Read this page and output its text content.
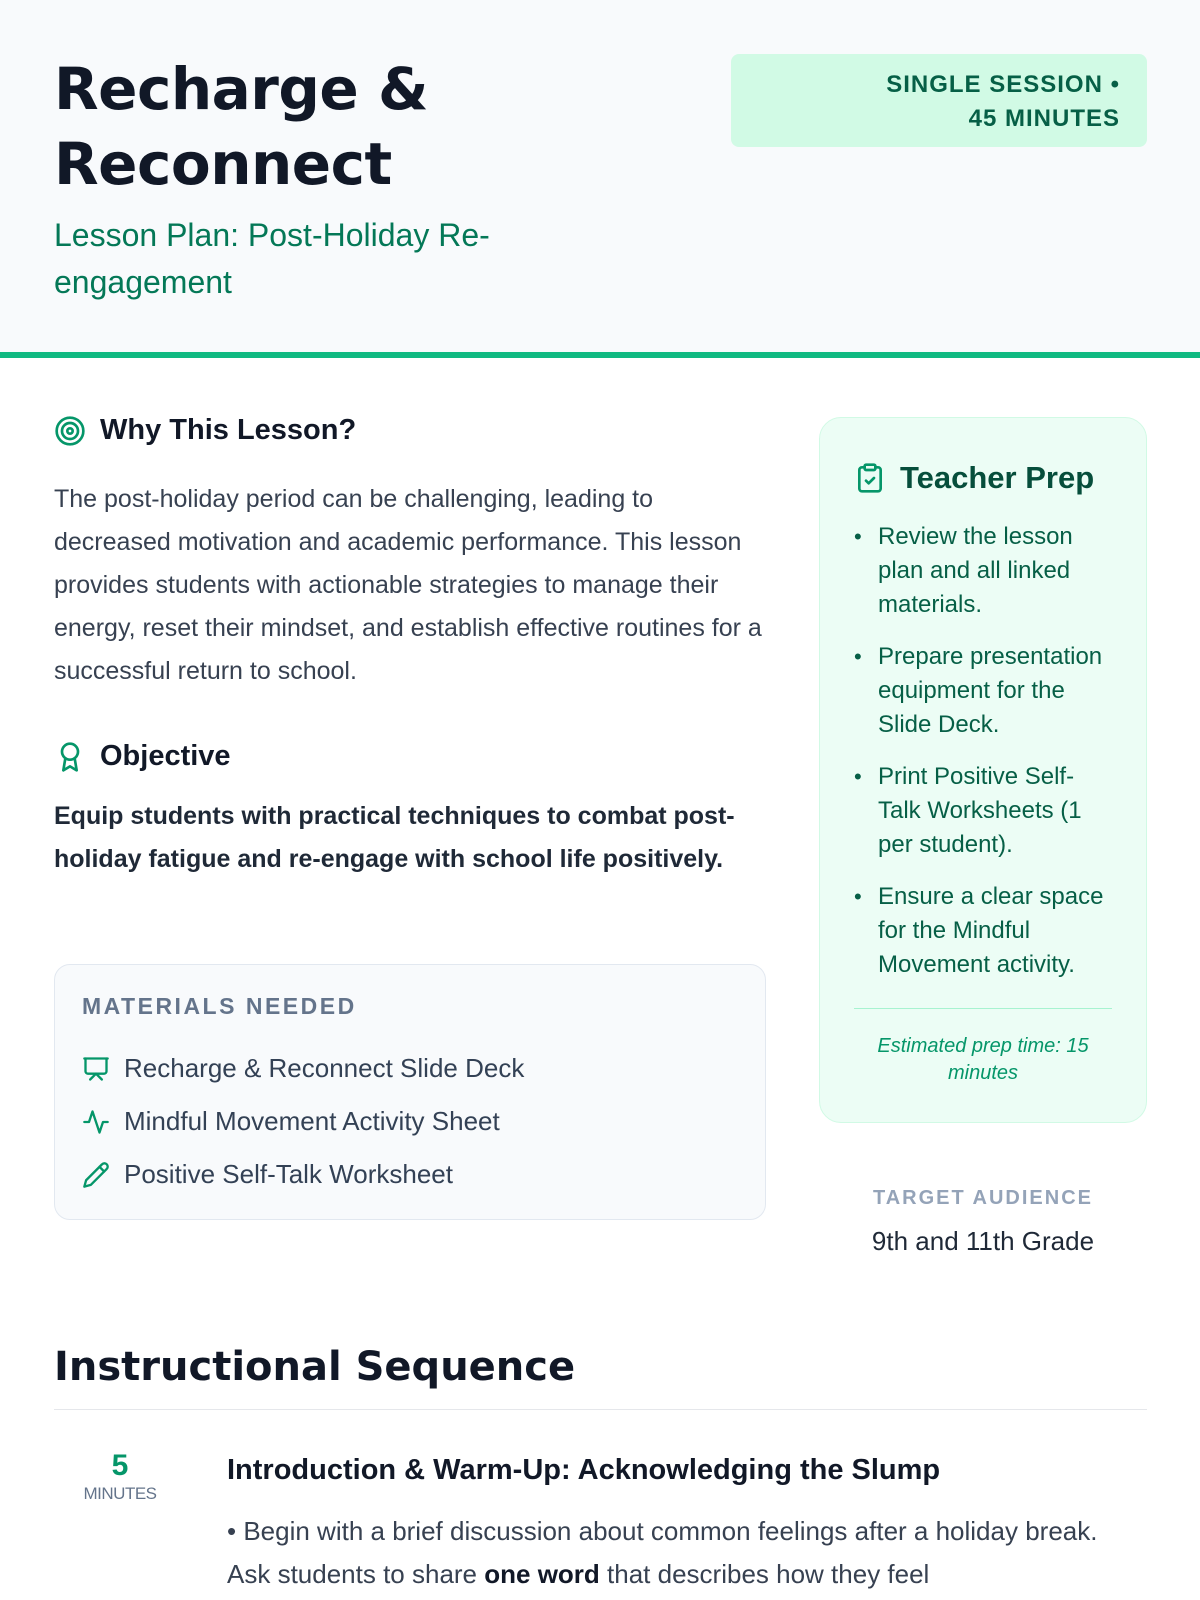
Recharge & Reconnect
Lesson Plan: Post-Holiday Re-engagement
SINGLE SESSION • 45 MINUTES
Why This Lesson?

The post-holiday period can be challenging, leading to decreased motivation and academic performance. This lesson provides students with actionable strategies to manage their energy, reset their mindset, and establish effective routines for a successful return to school.

Objective

Equip students with practical techniques to combat post-holiday fatigue and re-engage with school life positively.

MATERIALS NEEDED
Recharge & Reconnect Slide Deck
Mindful Movement Activity Sheet
Positive Self-Talk Worksheet
Teacher Prep
• Review the lesson plan and all linked materials.
• Prepare presentation equipment for the Slide Deck.
• Print Positive Self-Talk Worksheets (1 per student).
• Ensure a clear space for the Mindful Movement activity.
Estimated prep time: 15 minutes
TARGET AUDIENCE
9th and 11th Grade
Instructional Sequence
5
MINUTES
Introduction & Warm-Up: Acknowledging the Slump

• Begin with a brief discussion about common feelings after a holiday break. Ask students to share one word that describes how they feel
